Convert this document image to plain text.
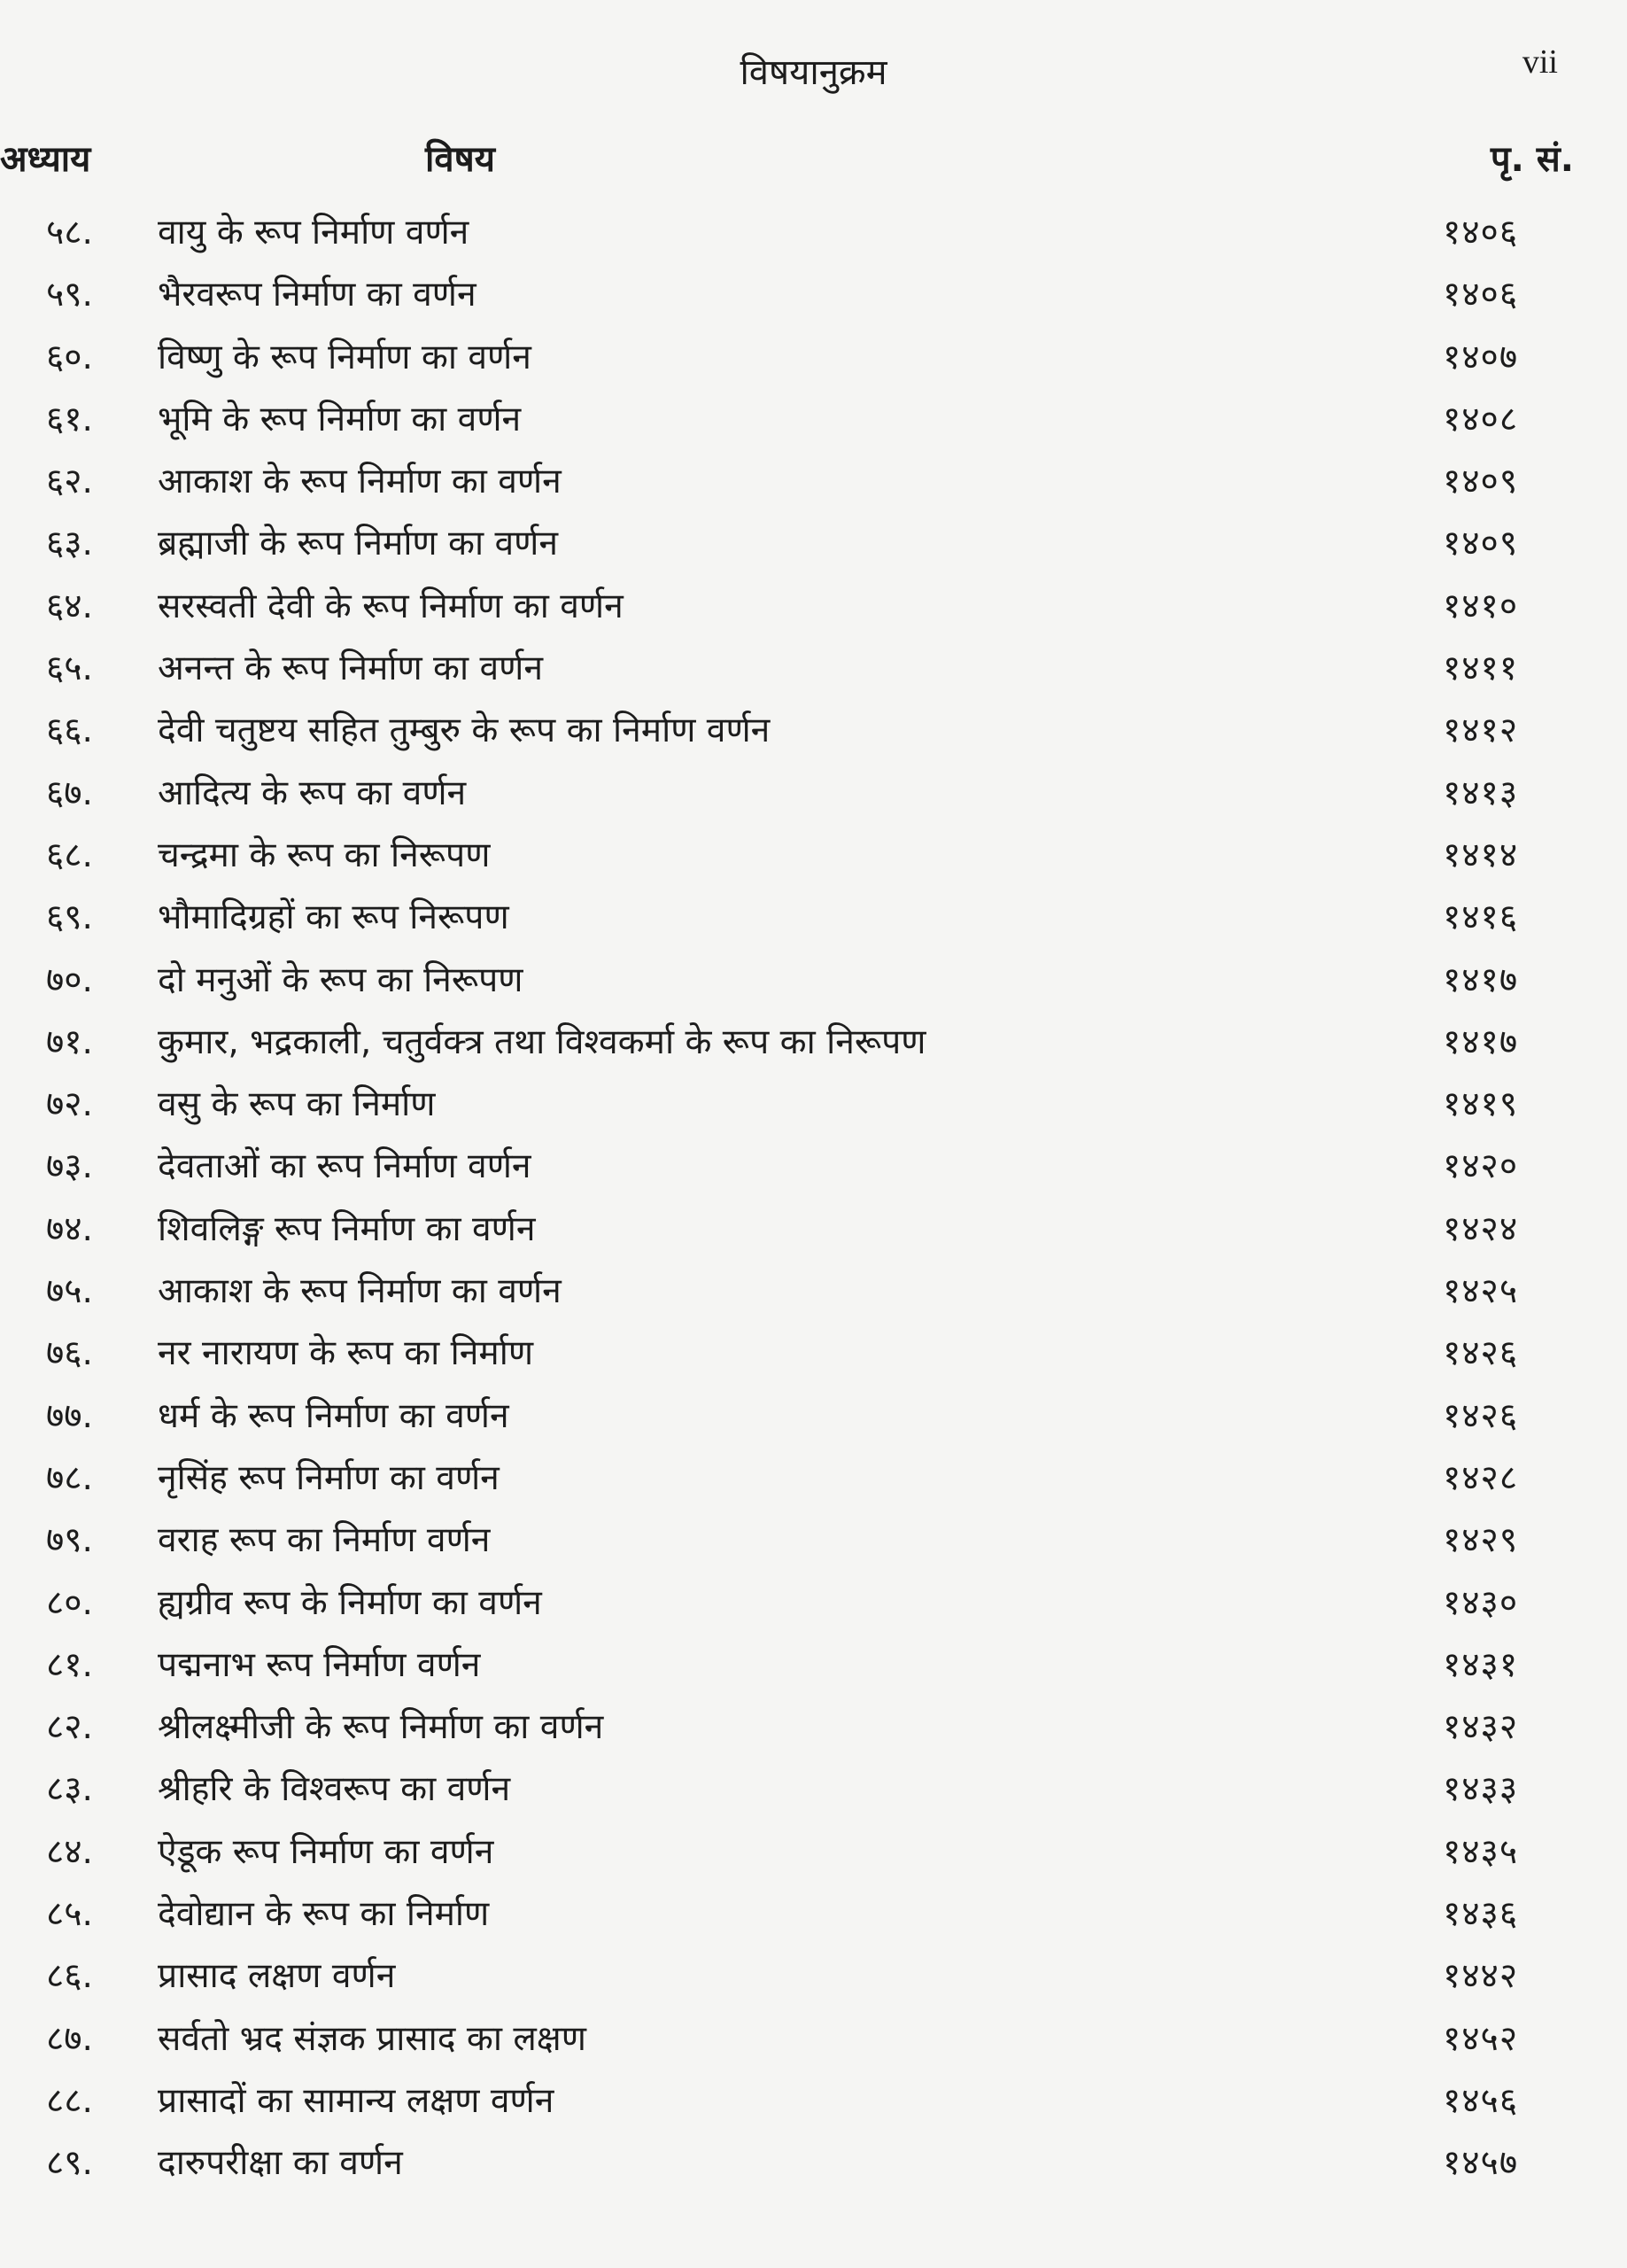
विषयानुक्रम	vii
अध्याय	विषय	पृ. सं.
५८.	वायु के रूप निर्माण वर्णन	१४०६
५९.	भैरवरूप निर्माण का वर्णन	१४०६
६०.	विष्णु के रूप निर्माण का वर्णन	१४०७
६१.	भूमि के रूप निर्माण का वर्णन	१४०८
६२.	आकाश के रूप निर्माण का वर्णन	१४०९
६३.	ब्रह्माजी के रूप निर्माण का वर्णन	१४०९
६४.	सरस्वती देवी के रूप निर्माण का वर्णन	१४१०
६५.	अनन्त के रूप निर्माण का वर्णन	१४११
६६.	देवी चतुष्टय सहित तुम्बुरु के रूप का निर्माण वर्णन	१४१२
६७.	आदित्य के रूप का वर्णन	१४१३
६८.	चन्द्रमा के रूप का निरूपण	१४१४
६९.	भौमादिग्रहों का रूप निरूपण	१४१६
७०.	दो मनुओं के रूप का निरूपण	१४१७
७१.	कुमार, भद्रकाली, चतुर्वक्त्र तथा विश्वकर्मा के रूप का निरूपण	१४१७
७२.	वसु के रूप का निर्माण	१४१९
७३.	देवताओं का रूप निर्माण वर्णन	१४२०
७४.	शिवलिङ्ग रूप निर्माण का वर्णन	१४२४
७५.	आकाश के रूप निर्माण का वर्णन	१४२५
७६.	नर नारायण के रूप का निर्माण	१४२६
७७.	धर्म के रूप निर्माण का वर्णन	१४२६
७८.	नृसिंह रूप निर्माण का वर्णन	१४२८
७९.	वराह रूप का निर्माण वर्णन	१४२९
८०.	ह्यग्रीव रूप के निर्माण का वर्णन	१४३०
८१.	पद्मनाभ रूप निर्माण वर्णन	१४३१
८२.	श्रीलक्ष्मीजी के रूप निर्माण का वर्णन	१४३२
८३.	श्रीहरि के विश्वरूप का वर्णन	१४३३
८४.	ऐडूक रूप निर्माण का वर्णन	१४३५
८५.	देवोद्यान के रूप का निर्माण	१४३६
८६.	प्रासाद लक्षण वर्णन	१४४२
८७.	सर्वतो भ्रद संज्ञक प्रासाद का लक्षण	१४५२
८८.	प्रासादों का सामान्य लक्षण वर्णन	१४५६
८९.	दारुपरीक्षा का वर्णन	१४५७
